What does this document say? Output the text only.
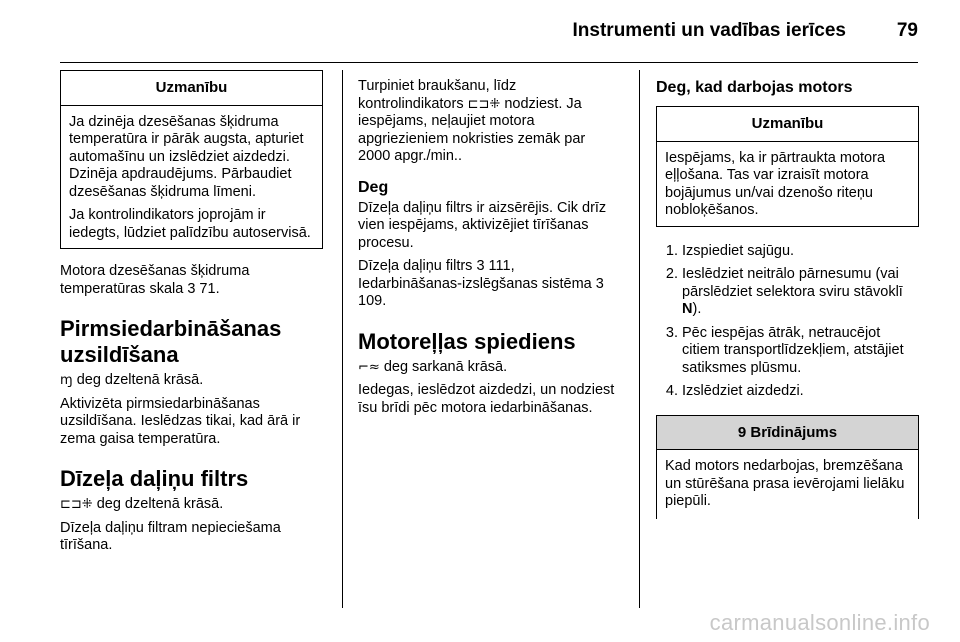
Instrumenti un vadības ierīces	79
Uzmanību

Ja dzinēja dzesēšanas šķidruma temperatūra ir pārāk augsta, apturiet automašīnu un izslēdziet aizdedzi. Dzinēja apdraudējums. Pārbaudiet dzesēšanas šķidruma līmeni.

Ja kontrolindikators joprojām ir iedegts, lūdziet palīdzību autoservisā.

Motora dzesēšanas šķidruma temperatūras skala 3 71.

Pirmsiedarbināšanas uzsildīšana

ɱ deg dzeltenā krāsā.

Aktivizēta pirmsiedarbināšanas uzsildīšana. Ieslēdzas tikai, kad ārā ir zema gaisa temperatūra.

Dīzeļa daļiņu filtrs

⊏⊐⁜ deg dzeltenā krāsā.

Dīzeļa daļiņu filtram nepieciešama tīrīšana.

Turpiniet braukšanu, līdz kontrolindikators ⊏⊐⁜ nodziest. Ja iespējams, neļaujiet motora apgriezieniem nokristies zemāk par 2000 apgr./min..

Deg

Dīzeļa daļiņu filtrs ir aizsērējis. Cik drīz vien iespējams, aktivizējiet tīrīšanas procesu.

Dīzeļa daļiņu filtrs 3 111,
Iedarbināšanas-izslēgšanas sistēma 3 109.

Motoreļļas spiediens

⌐≈ deg sarkanā krāsā.

Iedegas, ieslēdzot aizdedzi, un nodziest īsu brīdi pēc motora iedarbināšanas.

Deg, kad darbojas motors
Uzmanību

Iespējams, ka ir pārtraukta motora eļļošana. Tas var izraisīt motora bojājumus un/vai dzenošo riteņu nobloķēšanos.

1. Izspiediet sajūgu.
2. Ieslēdziet neitrālo pārnesumu (vai pārslēdziet selektora sviru stāvoklī N).
3. Pēc iespējas ātrāk, netraucējot citiem transportlīdzekļiem, atstājiet satiksmes plūsmu.
4. Izslēdziet aizdedzi.
9 Brīdinājums

Kad motors nedarbojas, bremzēšana un stūrēšana prasa ievērojami lielāku piepūli.

carmanualsonline.info
